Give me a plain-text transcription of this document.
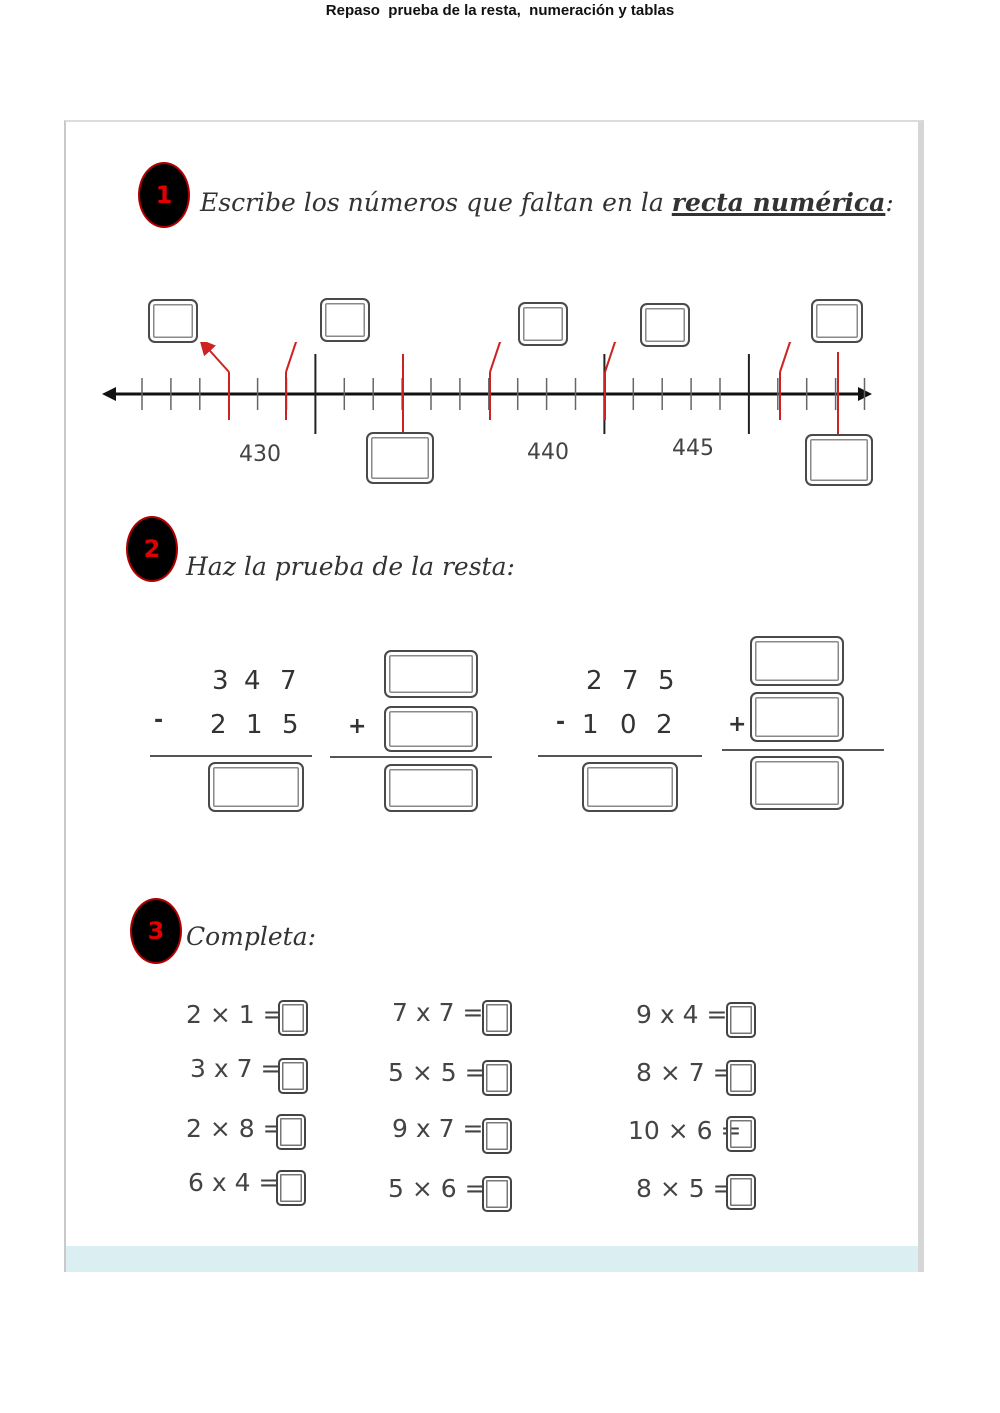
Repaso  prueba de la resta,  numeración y tablas
1 Escribe los números que faltan en la recta numérica:
430	440	445
2
Haz la prueba de la resta:
3 4 7
- 2 1 5 +
2 7 5
- 1 0 2	+
3 Completa:
2 × 1 =
3 x 7 =
2 × 8 =
6 x 4 =
7 x 7 =
5 × 5 =
9 x 7 =
5 × 6 =
9 x 4 =
8 × 7 =
10 × 6 =
8 × 5 =
